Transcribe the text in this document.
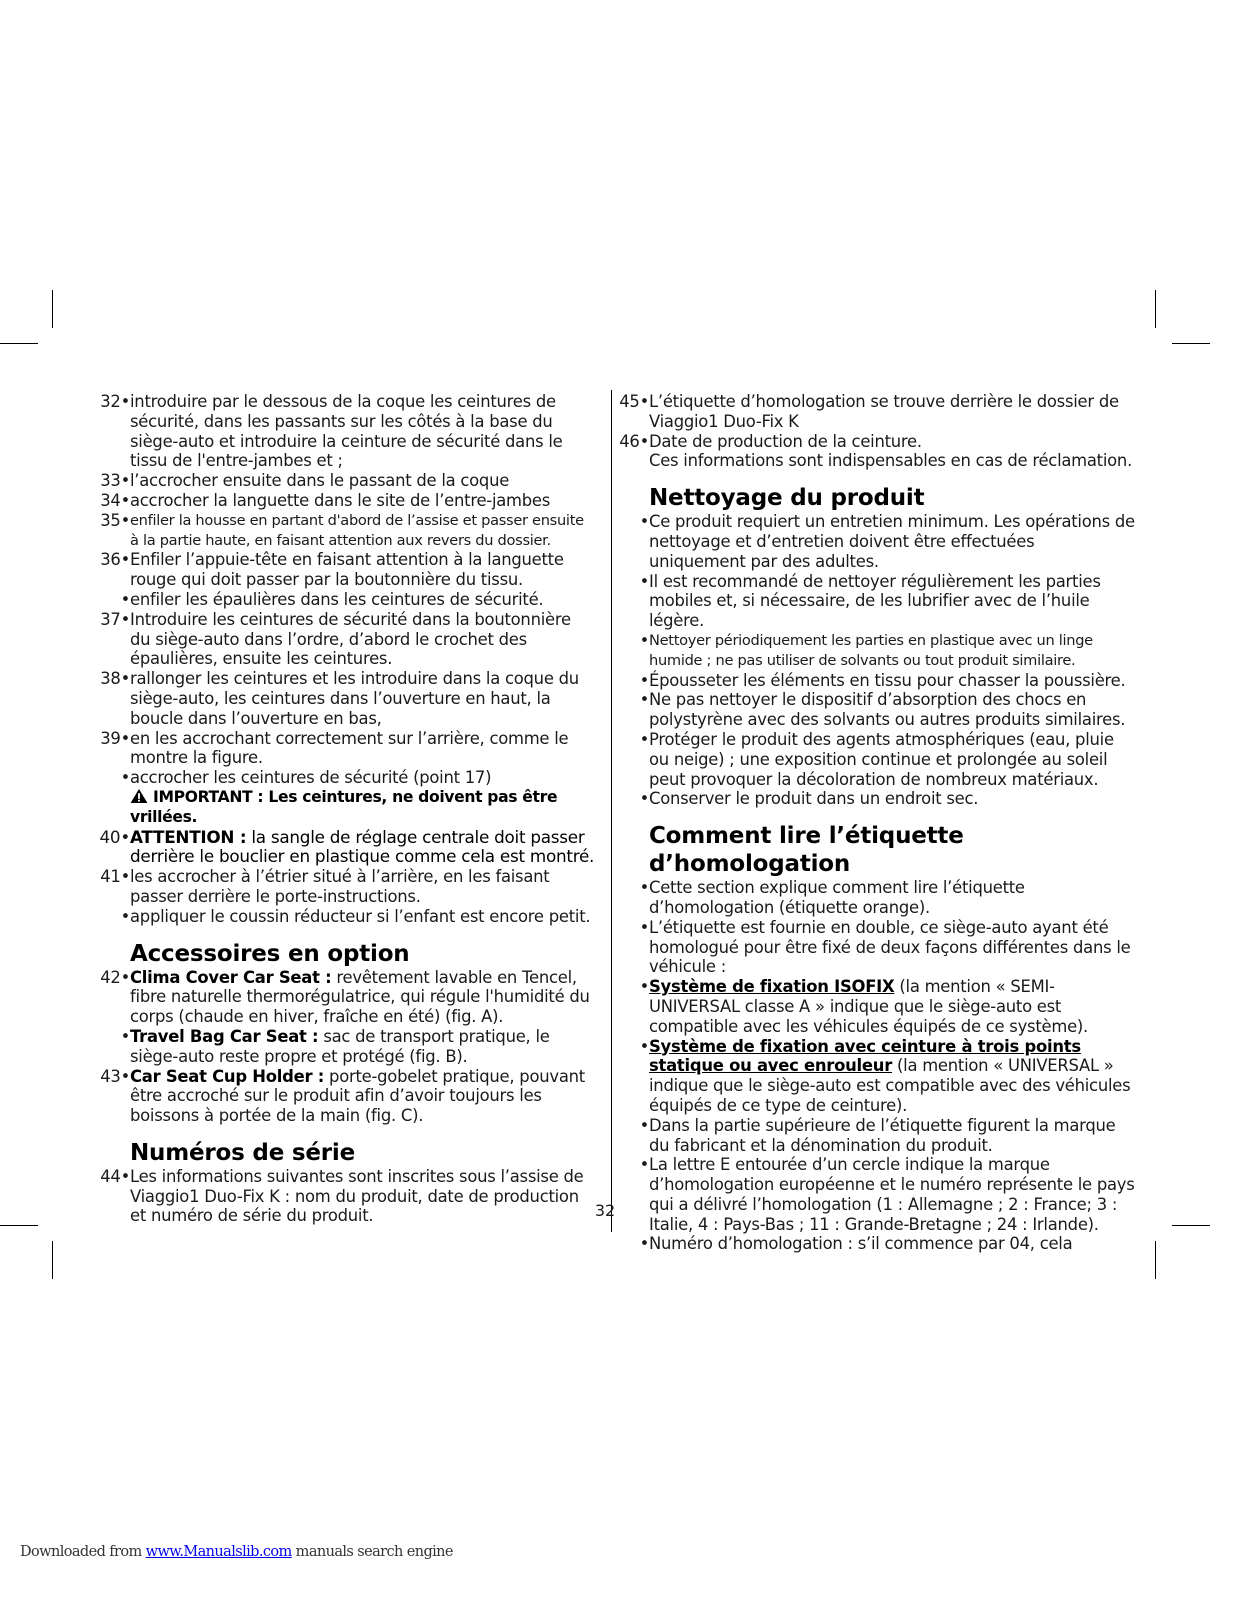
32• introduire par le dessous de la coque les ceintures de sécurité, dans les passants sur les côtés à la base du siège-auto et introduire la ceinture de sécurité dans le tissu de l'entre-jambes et ;
33• l’accrocher ensuite dans le passant de la coque
34• accrocher la languette dans le site de l’entre-jambes
35• enfiler la housse en partant d'abord de l’assise et passer ensuite à la partie haute, en faisant attention aux revers du dossier.
36• Enfiler l’appuie-tête en faisant attention à la languette rouge qui doit passer par la boutonnière du tissu.
• enfiler les épaulières dans les ceintures de sécurité.
37• Introduire les ceintures de sécurité dans la boutonnière du siège-auto dans l’ordre, d’abord le crochet des épaulières, ensuite les ceintures.
38• rallonger les ceintures et les introduire dans la coque du siège-auto, les ceintures dans l’ouverture en haut, la boucle dans l’ouverture en bas,
39• en les accrochant correctement sur l’arrière, comme le montre la figure.
• accrocher les ceintures de sécurité (point 17)
IMPORTANT : Les ceintures, ne doivent pas être vrillées.
40• ATTENTION : la sangle de réglage centrale doit passer derrière le bouclier en plastique comme cela est montré.
41• les accrocher à l’étrier situé à l’arrière, en les faisant passer derrière le porte-instructions.
• appliquer le coussin réducteur si l’enfant est encore petit.
Accessoires en option
42• Clima Cover Car Seat : revêtement lavable en Tencel, fibre naturelle thermorégulatrice, qui régule l'humidité du corps (chaude en hiver, fraîche en été) (fig. A).
• Travel Bag Car Seat : sac de transport pratique, le siège-auto reste propre et protégé (fig. B).
43• Car Seat Cup Holder : porte-gobelet pratique, pouvant être accroché sur le produit afin d’avoir toujours les boissons à portée de la main (fig. C).
Numéros de série
44• Les informations suivantes sont inscrites sous l’assise de Viaggio1 Duo-Fix K : nom du produit, date de production et numéro de série du produit.
45• L’étiquette d’homologation se trouve derrière le dossier de Viaggio1 Duo-Fix K
46• Date de production de la ceinture.
Ces informations sont indispensables en cas de réclamation.
Nettoyage du produit
• Ce produit requiert un entretien minimum. Les opérations de nettoyage et d’entretien doivent être effectuées uniquement par des adultes.
• Il est recommandé de nettoyer régulièrement les parties mobiles et, si nécessaire, de les lubrifier avec de l’huile légère.
• Nettoyer périodiquement les parties en plastique avec un linge humide ; ne pas utiliser de solvants ou tout produit similaire.
• Épousseter les éléments en tissu pour chasser la poussière.
• Ne pas nettoyer le dispositif d’absorption des chocs en polystyrène avec des solvants ou autres produits similaires.
• Protéger le produit des agents atmosphériques (eau, pluie ou neige) ; une exposition continue et prolongée au soleil peut provoquer la décoloration de nombreux matériaux.
• Conserver le produit dans un endroit sec.
Comment lire l’étiquette d’homologation
• Cette section explique comment lire l’étiquette d’homologation (étiquette orange).
• L’étiquette est fournie en double, ce siège-auto ayant été homologué pour être fixé de deux façons différentes dans le véhicule :
• Système de fixation ISOFIX (la mention « SEMI-UNIVERSAL classe A » indique que le siège-auto est compatible avec les véhicules équipés de ce système).
• Système de fixation avec ceinture à trois points statique ou avec enrouleur (la mention « UNIVERSAL » indique que le siège-auto est compatible avec des véhicules équipés de ce type de ceinture).
• Dans la partie supérieure de l’étiquette figurent la marque du fabricant et la dénomination du produit.
• La lettre E entourée d’un cercle indique la marque d’homologation européenne et le numéro représente le pays qui a délivré l’homologation (1 : Allemagne ; 2 : France; 3 : Italie, 4 : Pays-Bas ; 11 : Grande-Bretagne ; 24 : Irlande).
• Numéro d’homologation : s’il commence par 04, cela
32
Downloaded from www.Manualslib.com manuals search engine
